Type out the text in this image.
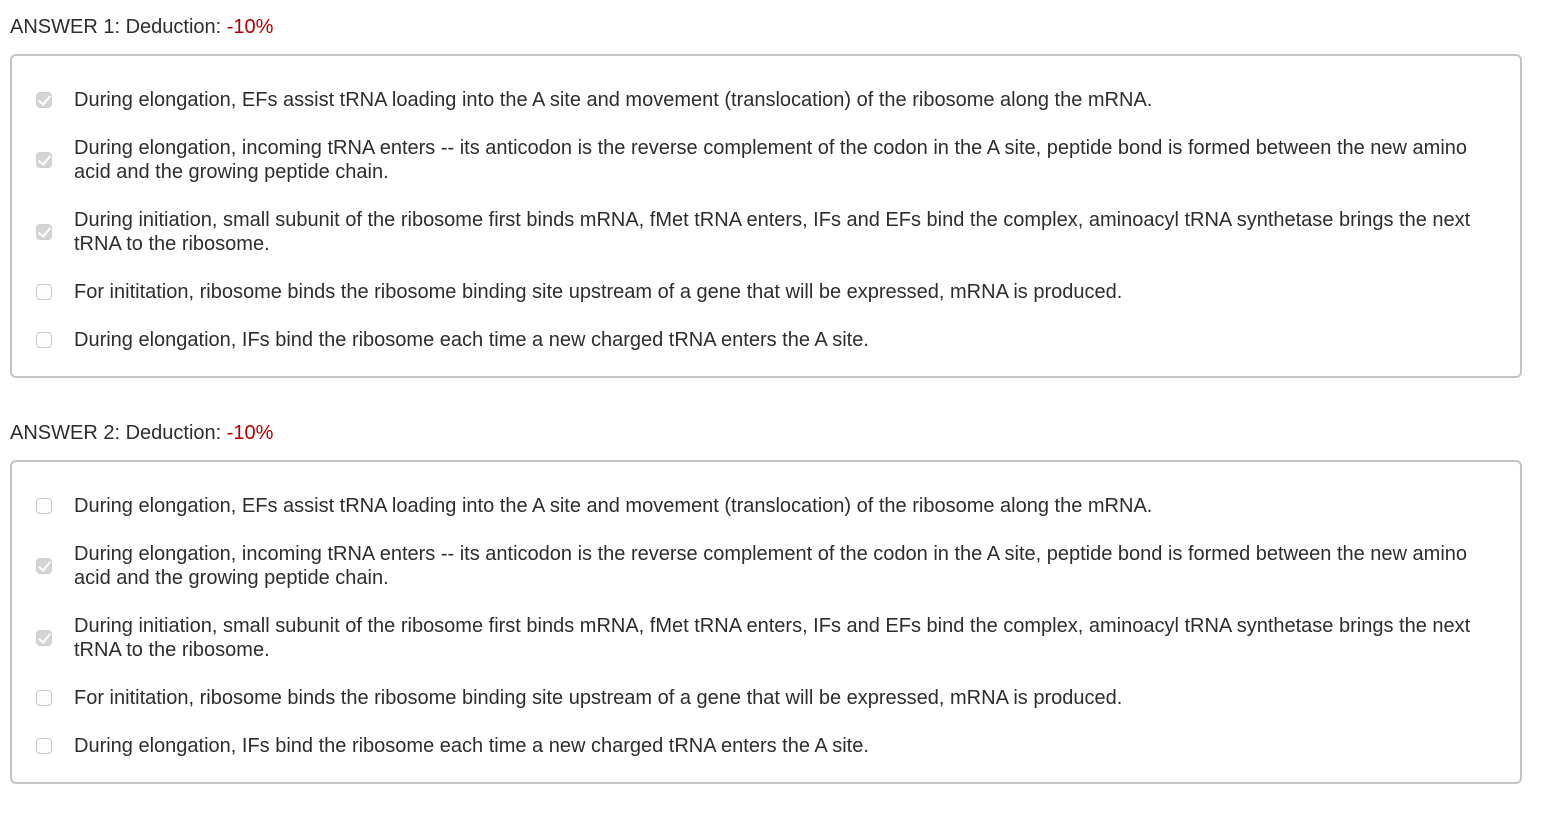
ANSWER 1: Deduction: -10%
During elongation, EFs assist tRNA loading into the A site and movement (translocation) of the ribosome along the mRNA.
During elongation, incoming tRNA enters -- its anticodon is the reverse complement of the codon in the A site, peptide bond is formed between the new amino acid and the growing peptide chain.
During initiation, small subunit of the ribosome first binds mRNA, fMet tRNA enters, IFs and EFs bind the complex, aminoacyl tRNA synthetase brings the next tRNA to the ribosome.
For inititation, ribosome binds the ribosome binding site upstream of a gene that will be expressed, mRNA is produced.
During elongation, IFs bind the ribosome each time a new charged tRNA enters the A site.
ANSWER 2: Deduction: -10%
During elongation, EFs assist tRNA loading into the A site and movement (translocation) of the ribosome along the mRNA.
During elongation, incoming tRNA enters -- its anticodon is the reverse complement of the codon in the A site, peptide bond is formed between the new amino acid and the growing peptide chain.
During initiation, small subunit of the ribosome first binds mRNA, fMet tRNA enters, IFs and EFs bind the complex, aminoacyl tRNA synthetase brings the next tRNA to the ribosome.
For inititation, ribosome binds the ribosome binding site upstream of a gene that will be expressed, mRNA is produced.
During elongation, IFs bind the ribosome each time a new charged tRNA enters the A site.
